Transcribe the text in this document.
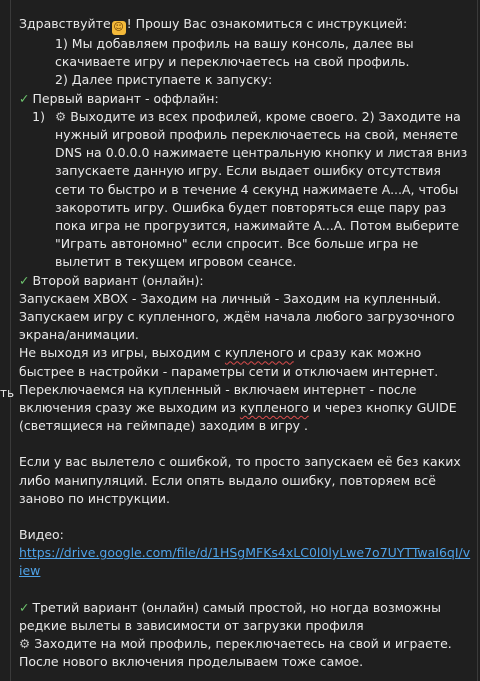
ть
Здравствуйте ☺ ! Прошу Вас ознакомиться с инструкцией:
1) Мы добавляем профиль на вашу консоль, далее вы скачиваете игру и переключаетесь на свой профиль.
2) Далее приступаете к запуску:
✓ Первый вариант - оффлайн:
1) ⚙ Выходите из всех профилей, кроме своего. 2) Заходите на нужный игровой профиль переключаетесь на свой, меняете DNS на 0.0.0.0 нажимаете центральную кнопку и листая вниз запускаете данную игру. Если выдает ошибку отсутствия сети то быстро и в течение 4 секунд нажимаете A...A, чтобы закоротить игру. Ошибка будет повторяться еще пару раз пока игра не прогрузится, нажимайте A...A. Потом выберите "Играть автономно" если спросит. Все больше игра не вылетит в текущем игровом сеансе.
✓ Второй вариант (онлайн):
Запускаем XBOX - Заходим на личный - Заходим на купленный.
Запускаем игру с купленного, ждём начала любого загрузочного экрана/анимации.
Не выходя из игры, выходим с купленого и сразу как можно быстрее в настройки - параметры сети и отключаем интернет.
Переключаемся на купленный - включаем интернет - после включения сразу же выходим из купленого и через кнопку GUIDE (светящиеся на геймпаде) заходим в игру .
Если у вас вылетело с ошибкой, то просто запускаем её без каких либо манипуляций. Если опять выдало ошибку, повторяем всё заново по инструкции.
Видео:
https://drive.google.com/file/d/1HSgMFKs4xLC0l0lyLwe7o7UYTTwaI6qI/view
✓ Третий вариант (онлайн) самый простой, но ногда возможны редкие вылеты в зависимости от загрузки профиля
⚙ Заходите на мой профиль, переключаетесь на свой и играете. После нового включения проделываем тоже самое.
